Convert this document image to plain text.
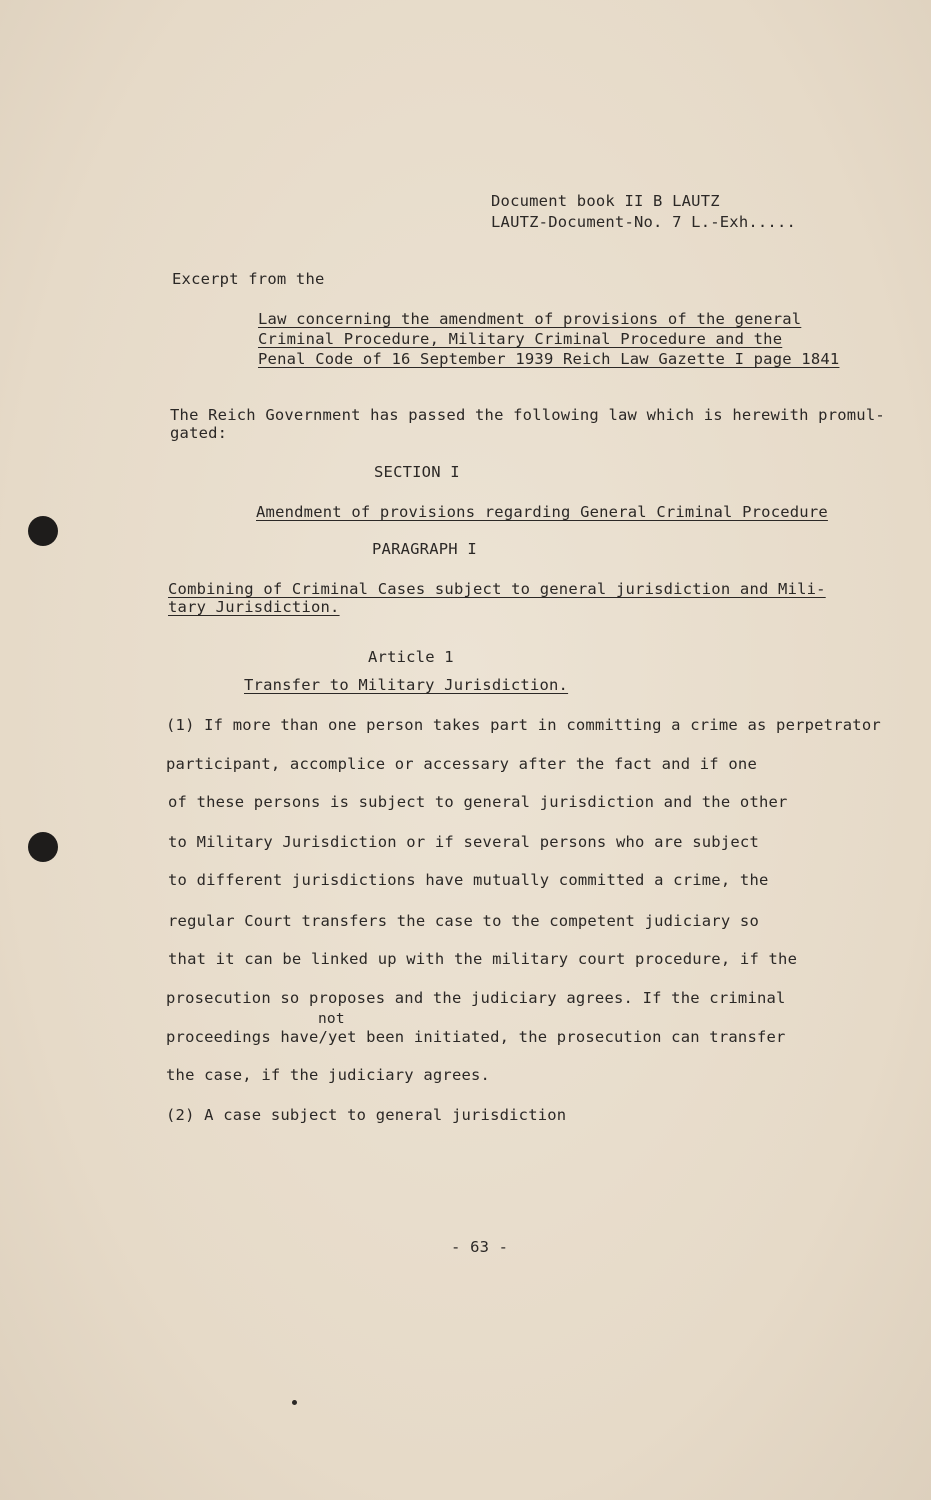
Document book II B LAUTZ
LAUTZ-Document-No. 7 L.-Exh.....
Excerpt from the
Law concerning the amendment of provisions of the general
Criminal Procedure, Military Criminal Procedure and the
Penal Code of 16 September 1939 Reich Law Gazette I page 1841
The Reich Government has passed the following law which is herewith promul-
gated:
SECTION I
Amendment of provisions regarding General Criminal Procedure
PARAGRAPH I
Combining of Criminal Cases subject to general jurisdiction and Mili-
tary Jurisdiction.
Article 1
Transfer to Military Jurisdiction.
(1) If more than one person takes part in committing a crime as perpetrator
participant, accomplice or accessary after the fact and if one
of these persons is subject to general jurisdiction and the other
to Military Jurisdiction or if several persons who are subject
to different jurisdictions have mutually committed a crime, the
regular Court transfers the case to the competent judiciary so
that it can be linked up with the military court procedure, if the
prosecution so proposes and the judiciary agrees. If the criminal
not
proceedings have/yet been initiated, the prosecution can transfer
the case, if the judiciary agrees.
(2) A case subject to general jurisdiction
- 63 -
